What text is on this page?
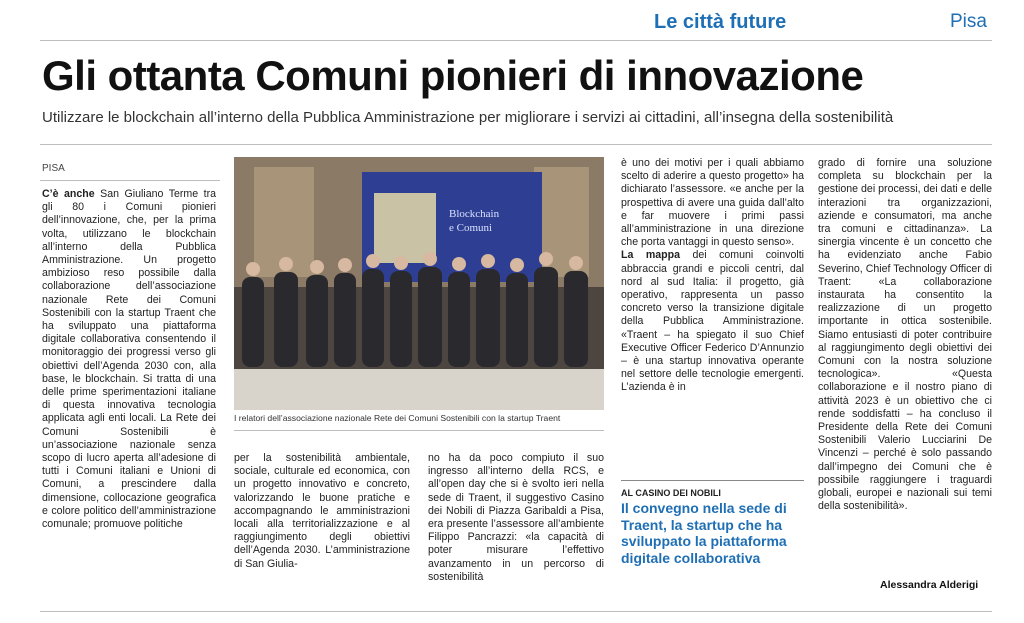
Le città future	Pisa
Gli ottanta Comuni pionieri di innovazione
Utilizzare le blockchain all’interno della Pubblica Amministrazione per migliorare i servizi ai cittadini, all’insegna della sostenibilità
PISA

C’è anche San Giuliano Terme tra gli 80 i Comuni pionieri dell’innovazione, che, per la prima volta, utilizzano le blockchain all’interno della Pubblica Amministrazione. Un progetto ambizioso reso possibile dalla collaborazione dell’associazione nazionale Rete dei Comuni Sostenibili con la startup Traent che ha sviluppato una piattaforma digitale collaborativa consentendo il monitoraggio dei progressi verso gli obiettivi dell’Agenda 2030 con, alla base, le blockchain. Si tratta di una delle prime sperimentazioni italiane di questa innovativa tecnologia applicata agli enti locali. La Rete dei Comuni Sostenibili è un’associazione nazionale senza scopo di lucro aperta all’adesione di tutti i Comuni italiani e Unioni di Comuni, a prescindere dalla dimensione, collocazione geografica e colore politico dell’amministrazione comunale; promuove politiche

Blockchain
e Comuni
I relatori dell’associazione nazionale Rete dei Comuni Sostenibili con la startup Traent

per la sostenibilità ambientale, sociale, culturale ed economica, con un progetto innovativo e concreto, valorizzando le buone pratiche e accompagnando le amministrazioni locali alla territorializzazione e al raggiungimento degli obiettivi dell’Agenda 2030. L’amministrazione di San Giulia-

no ha da poco compiuto il suo ingresso all’interno della RCS, e all’open day che si è svolto ieri nella sede di Traent, il suggestivo Casino dei Nobili di Piazza Garibaldi a Pisa, era presente l’assessore all’ambiente Filippo Pancrazzi: «la capacità di poter misurare l’effettivo avanzamento in un percorso di sostenibilità

è uno dei motivi per i quali abbiamo scelto di aderire a questo progetto» ha dichiarato l’assessore. «e anche per la prospettiva di avere una guida dall’alto e far muovere i primi passi all’amministrazione in una direzione che porta vantaggi in questo senso».
La mappa dei comuni coinvolti abbraccia grandi e piccoli centri, dal nord al sud Italia: il progetto, già operativo, rappresenta un passo concreto verso la transizione digitale della Pubblica Amministrazione. «Traent – ha spiegato il suo Chief Executive Officer Federico D’Annunzio – è una startup innovativa operante nel settore delle tecnologie emergenti. L’azienda è in

AL CASINO DEI NOBILI

Il convegno nella sede di Traent, la startup che ha sviluppato la piattaforma digitale collaborativa

grado di fornire una soluzione completa su blockchain per la gestione dei processi, dei dati e delle interazioni tra organizzazioni, aziende e consumatori, ma anche tra comuni e cittadinanza». La sinergia vincente è un concetto che ha evidenziato anche Fabio Severino, Chief Technology Officer di Traent: «La collaborazione instaurata ha consentito la realizzazione di un progetto importante in ottica sostenibile. Siamo entusiasti di poter contribuire al raggiungimento degli obiettivi dei Comuni con la nostra soluzione tecnologica». «Questa collaborazione e il nostro piano di attività 2023 è un obiettivo che ci rende soddisfatti – ha concluso il Presidente della Rete dei Comuni Sostenibili Valerio Lucciarini De Vincenzi – perché è solo passando dall’impegno dei Comuni che è possibile raggiungere i traguardi globali, europei e nazionali sui temi della sostenibilità».

Alessandra Alderigi
